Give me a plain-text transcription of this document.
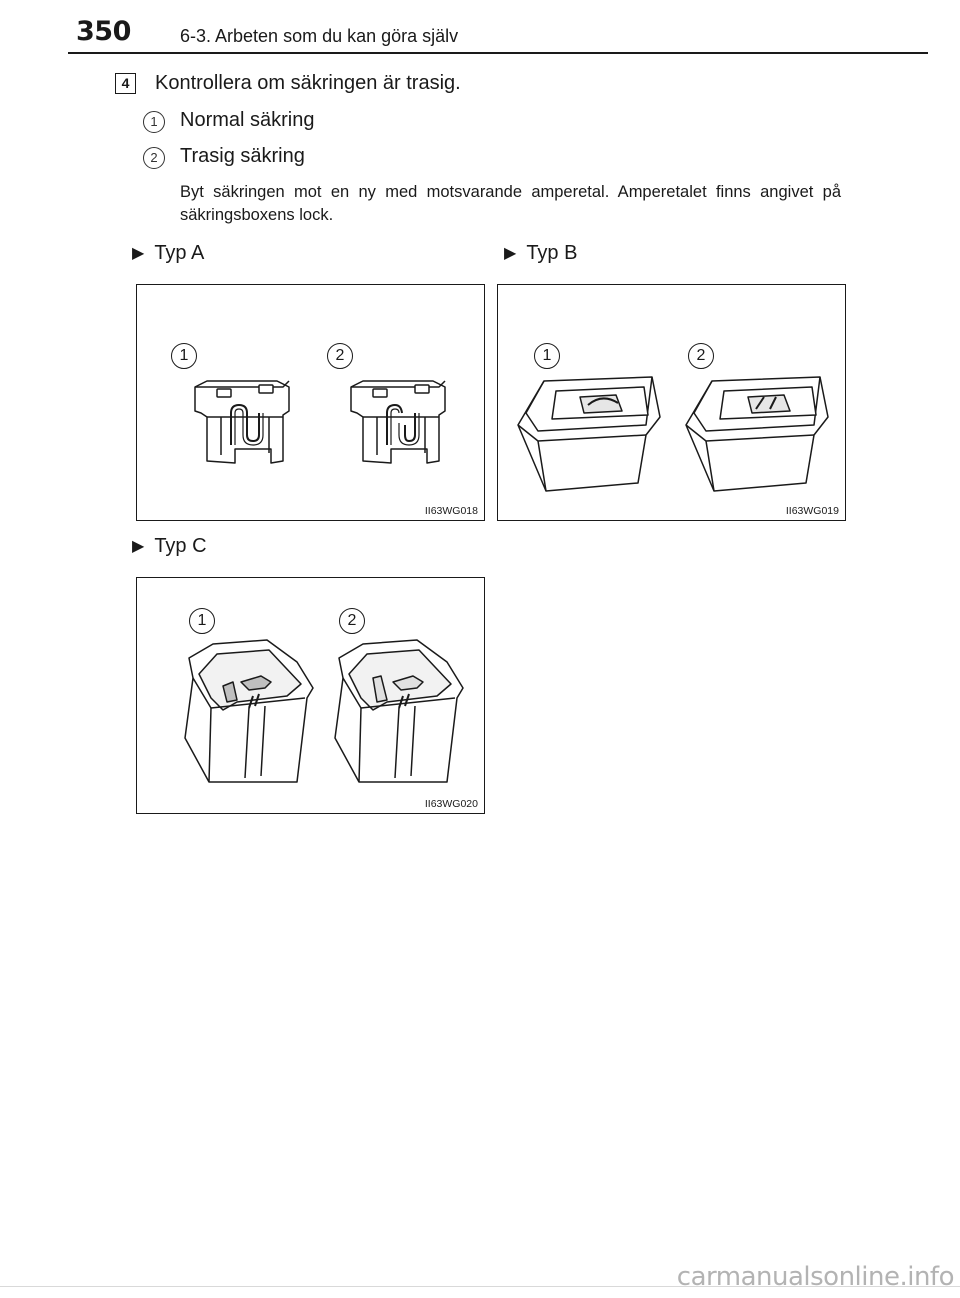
350	6-3. Arbeten som du kan göra själv
4	Kontrollera om säkringen är trasig.
1	Normal säkring
2	Trasig säkring
Byt säkringen mot en ny med motsvarande amperetal. Amperetalet finns angivet på säkringsboxens lock.
▶ Typ A	▶ Typ B
▶ Typ C
1	2
II63WG018
1	2
II63WG019
1	2
II63WG020
carmanualsonline.info
